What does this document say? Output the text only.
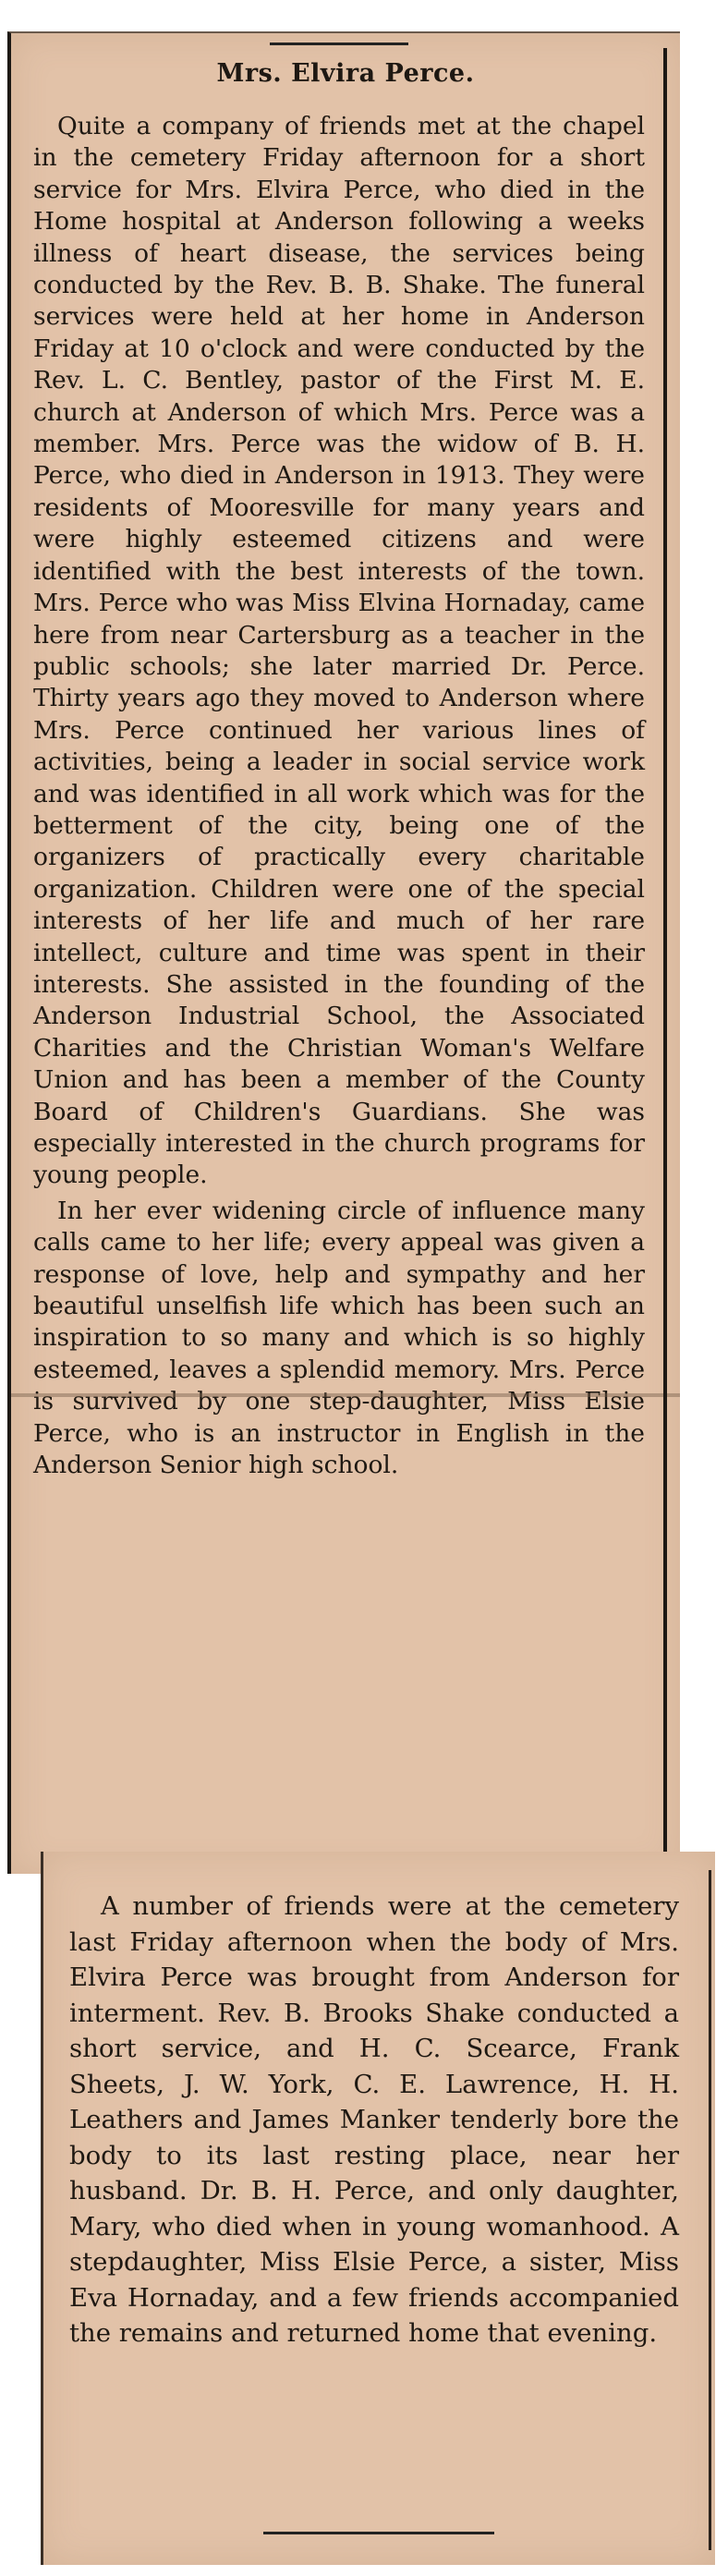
Mrs. Elvira Perce.

Quite a company of friends met at the chapel in the cemetery Friday afternoon for a short service for Mrs. Elvira Perce, who died in the Home hospital at Anderson following a weeks illness of heart disease, the services being conducted by the Rev. B. B. Shake. The funeral services were held at her home in Anderson Friday at 10 o'clock and were conducted by the Rev. L. C. Bentley, pastor of the First M. E. church at Anderson of which Mrs. Perce was a member. Mrs. Perce was the widow of B. H. Perce, who died in Anderson in 1913. They were residents of Mooresville for many years and were highly esteemed citizens and were identified with the best interests of the town. Mrs. Perce who was Miss Elvina Hornaday, came here from near Cartersburg as a teacher in the public schools; she later married Dr. Perce. Thirty years ago they moved to Anderson where Mrs. Perce continued her various lines of activities, being a leader in social service work and was identified in all work which was for the betterment of the city, being one of the organizers of practically every charitable organization. Children were one of the special interests of her life and much of her rare intellect, culture and time was spent in their interests. She assisted in the founding of the Anderson Industrial School, the Associated Charities and the Christian Woman's Welfare Union and has been a member of the County Board of Children's Guardians. She was especially interested in the church programs for young people.

In her ever widening circle of influence many calls came to her life; every appeal was given a response of love, help and sympathy and her beautiful unselfish life which has been such an inspiration to so many and which is so highly esteemed, leaves a splendid memory. Mrs. Perce is survived by one step-daughter, Miss Elsie Perce, who is an instructor in English in the Anderson Senior high school.

A number of friends were at the cemetery last Friday afternoon when the body of Mrs. Elvira Perce was brought from Anderson for interment. Rev. B. Brooks Shake conducted a short service, and H. C. Scearce, Frank Sheets, J. W. York, C. E. Lawrence, H. H. Leathers and James Manker tenderly bore the body to its last resting place, near her husband. Dr. B. H. Perce, and only daughter, Mary, who died when in young womanhood. A stepdaughter, Miss Elsie Perce, a sister, Miss Eva Hornaday, and a few friends accompanied the remains and returned home that evening.
